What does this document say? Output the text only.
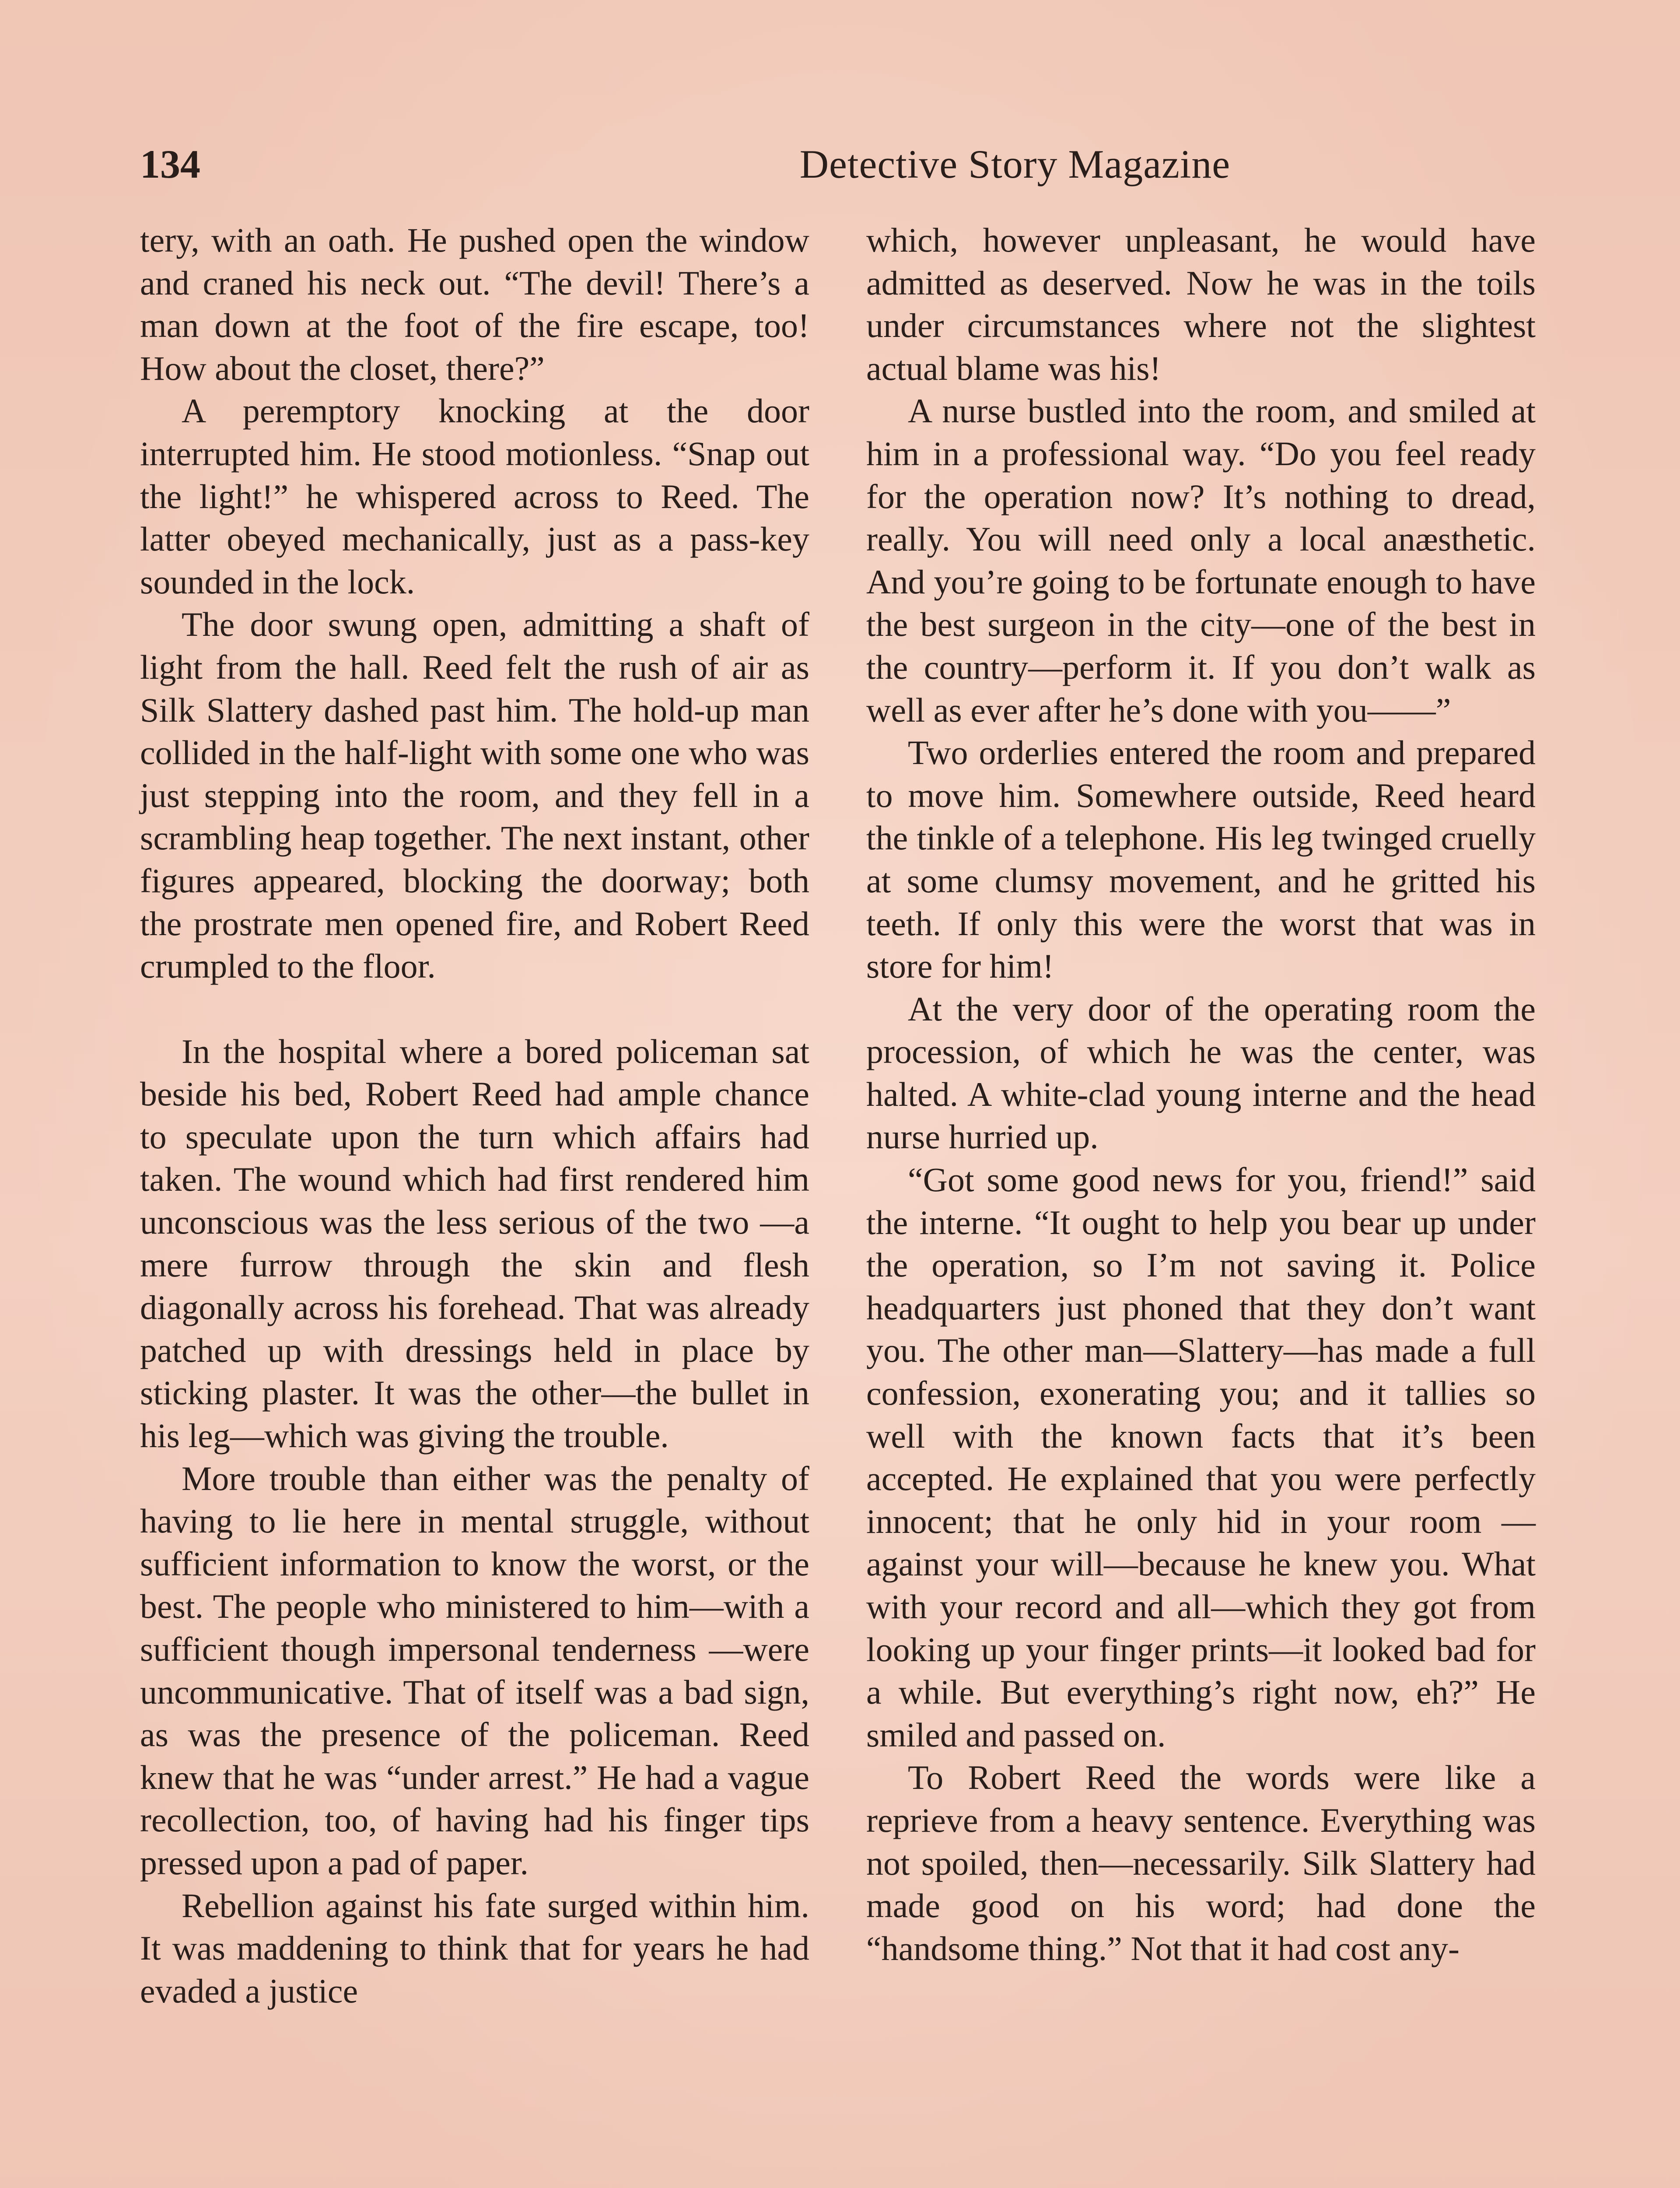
134	Detective Story Magazine

tery, with an oath. He pushed open the window and craned his neck out. “The devil! There’s a man down at the foot of the fire escape, too! How about the closet, there?”

A peremptory knocking at the door interrupted him. He stood motionless. “Snap out the light!” he whispered across to Reed. The latter obeyed mechanically, just as a pass-key sounded in the lock.

The door swung open, admitting a shaft of light from the hall. Reed felt the rush of air as Silk Slattery dashed past him. The hold-up man collided in the half-light with some one who was just stepping into the room, and they fell in a scrambling heap together. The next instant, other figures appeared, blocking the doorway; both the prostrate men opened fire, and Robert Reed crumpled to the floor.

In the hospital where a bored policeman sat beside his bed, Robert Reed had ample chance to speculate upon the turn which affairs had taken. The wound which had first rendered him unconscious was the less serious of the two —a mere furrow through the skin and flesh diagonally across his forehead. That was already patched up with dressings held in place by sticking plaster. It was the other—the bullet in his leg—which was giving the trouble.

More trouble than either was the penalty of having to lie here in mental struggle, without sufficient information to know the worst, or the best. The people who ministered to him—with a sufficient though impersonal tenderness —were uncommunicative. That of itself was a bad sign, as was the presence of the policeman. Reed knew that he was “under arrest.” He had a vague recollection, too, of having had his finger tips pressed upon a pad of paper.

Rebellion against his fate surged within him. It was maddening to think that for years he had evaded a justice

which, however unpleasant, he would have admitted as deserved. Now he was in the toils under circumstances where not the slightest actual blame was his!

A nurse bustled into the room, and smiled at him in a professional way. “Do you feel ready for the operation now? It’s nothing to dread, really. You will need only a local anæsthetic. And you’re going to be fortunate enough to have the best surgeon in the city—one of the best in the country—perform it. If you don’t walk as well as ever after he’s done with you——”

Two orderlies entered the room and prepared to move him. Somewhere outside, Reed heard the tinkle of a telephone. His leg twinged cruelly at some clumsy movement, and he gritted his teeth. If only this were the worst that was in store for him!

At the very door of the operating room the procession, of which he was the center, was halted. A white-clad young interne and the head nurse hurried up.

“Got some good news for you, friend!” said the interne. “It ought to help you bear up under the operation, so I’m not saving it. Police headquarters just phoned that they don’t want you. The other man—Slattery—has made a full confession, exonerating you; and it tallies so well with the known facts that it’s been accepted. He explained that you were perfectly innocent; that he only hid in your room —against your will—because he knew you. What with your record and all—which they got from looking up your finger prints—it looked bad for a while. But everything’s right now, eh?” He smiled and passed on.

To Robert Reed the words were like a reprieve from a heavy sentence. Everything was not spoiled, then—necessarily. Silk Slattery had made good on his word; had done the “handsome thing.” Not that it had cost any-
